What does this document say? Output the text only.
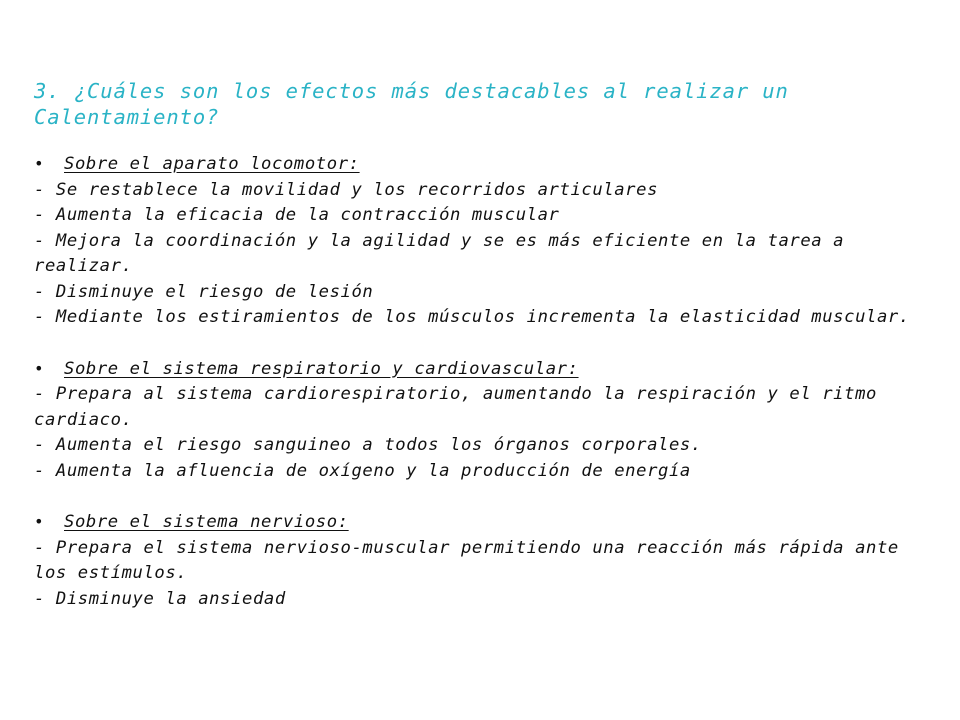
3. ¿Cuáles son los efectos más destacables al realizar un Calentamiento?
•	Sobre el aparato locomotor:
- Se restablece la movilidad y los recorridos articulares
- Aumenta la eficacia de la contracción muscular
- Mejora la coordinación y la agilidad y se es más eficiente en la tarea a realizar.
- Disminuye el riesgo de lesión
- Mediante los estiramientos de los músculos incrementa la elasticidad muscular.
•	Sobre el sistema respiratorio y cardiovascular:
- Prepara al sistema cardiorespiratorio, aumentando la respiración y el ritmo cardiaco.
- Aumenta el riesgo sanguineo a todos los órganos corporales.
- Aumenta la afluencia de oxígeno y la producción de energía
•	Sobre el sistema nervioso:
- Prepara el sistema nervioso-muscular permitiendo una reacción más rápida ante los estímulos.
- Disminuye la ansiedad
